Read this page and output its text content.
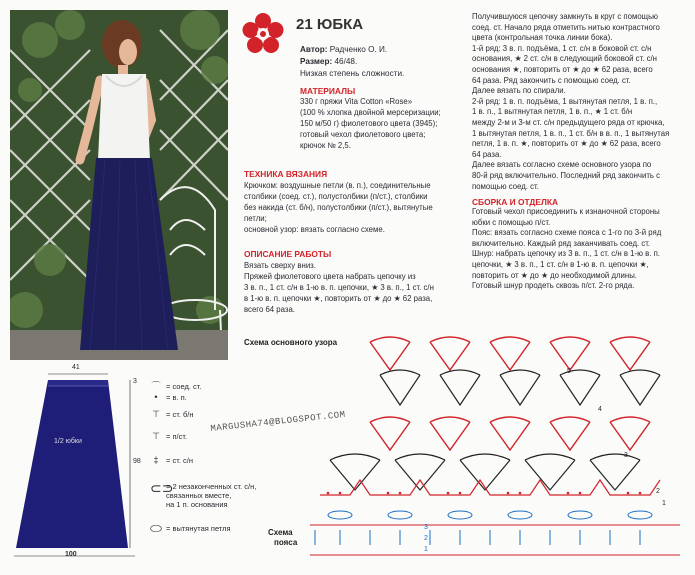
21 ЮБКА
Автор: Радченко О. И.
Размер: 46/48.
Низкая степень сложности.
МАТЕРИАЛЫ
330 г пряжи Vita Cotton «Rose»
(100 % хлопка двойной мерсеризации;
150 м/50 г) фиолетового цвета (3945);
готовый чехол фиолетового цвета;
крючок № 2,5.
ТЕХНИКА ВЯЗАНИЯ
Крючком: воздушные петли (в. п.), соединительные
столбики (соед. ст.), полустолбики (п/ст.), столбики
без накида (ст. б/н), полустолбики (п/ст.), вытянутые
петли;
основной узор: вязать согласно схеме.
ОПИСАНИЕ РАБОТЫ
Вязать сверху вниз.
Пряжей фиолетового цвета набрать цепочку из
3 в. п., 1 ст. с/н в 1-ю в. п. цепочки, ★ 3 в. п., 1 ст. с/н
в 1-ю в. п. цепочки ★, повторить от ★ до ★ 62 раза,
всего 64 раза.
Получившуюся цепочку замкнуть в круг с помощью
соед. ст. Начало ряда отметить нитью контрастного
цвета (контрольная точка линии бока).
1-й ряд: 3 в. п. подъёма, 1 ст. с/н в боковой ст. с/н
основания, ★ 2 ст. с/н в следующий боковой ст. с/н
основания ★, повторить от ★ до ★ 62 раза, всего
64 раза. Ряд закончить с помощью соед. ст.
Далее вязать по спирали.
2-й ряд: 1 в. п. подъёма, 1 вытянутая петля, 1 в. п.,
1 в. п., 1 вытянутая петля, 1 в. п., ★ 1 ст. б/н
между 2-м и 3-м ст. с/н предыдущего ряда от крючка,
1 вытянутая петля, 1 в. п., 1 ст. б/н в в. п., 1 вытянутая
петля, 1 в. п. ★, повторить от ★ до ★ 62 раза, всего
64 раза.
Далее вязать согласно схеме основного узора по
80-й ряд включительно. Последний ряд закончить с
помощью соед. ст.
СБОРКА И ОТДЕЛКА
Готовый чехол присоединить к изнаночной стороны
юбки с помощью п/ст.
Пояс: вязать согласно схеме пояса с 1-го по 3-й ряд
включительно. Каждый ряд заканчивать соед. ст.
Шнур: набрать цепочку из 3 в. п., 1 ст. с/н в 1-ю в. п.
цепочки, ★ 3 в. п., 1 ст. с/н в 1-ю в. п. цепочки ★,
повторить от ★ до ★ до необходимой длины.
Готовый шнур продеть сквозь п/ст. 2-го ряда.
41
100
3
98
1/2 юбки
⌒ = соед. ст.
•	= в. п.
⊤ = ст. б/н
⊤ = п/ст.
‡	= ст. с/н
⊂⊃
= 2 незаконченных ст. с/н,
связанных вместе,
на 1 п. основания
⬭ = вытянутая петля
MARGUSHA74@BLOGSPOT.COM
Схема основного узора
Схема
пояса
5
4
3
2
1
3
2
1
